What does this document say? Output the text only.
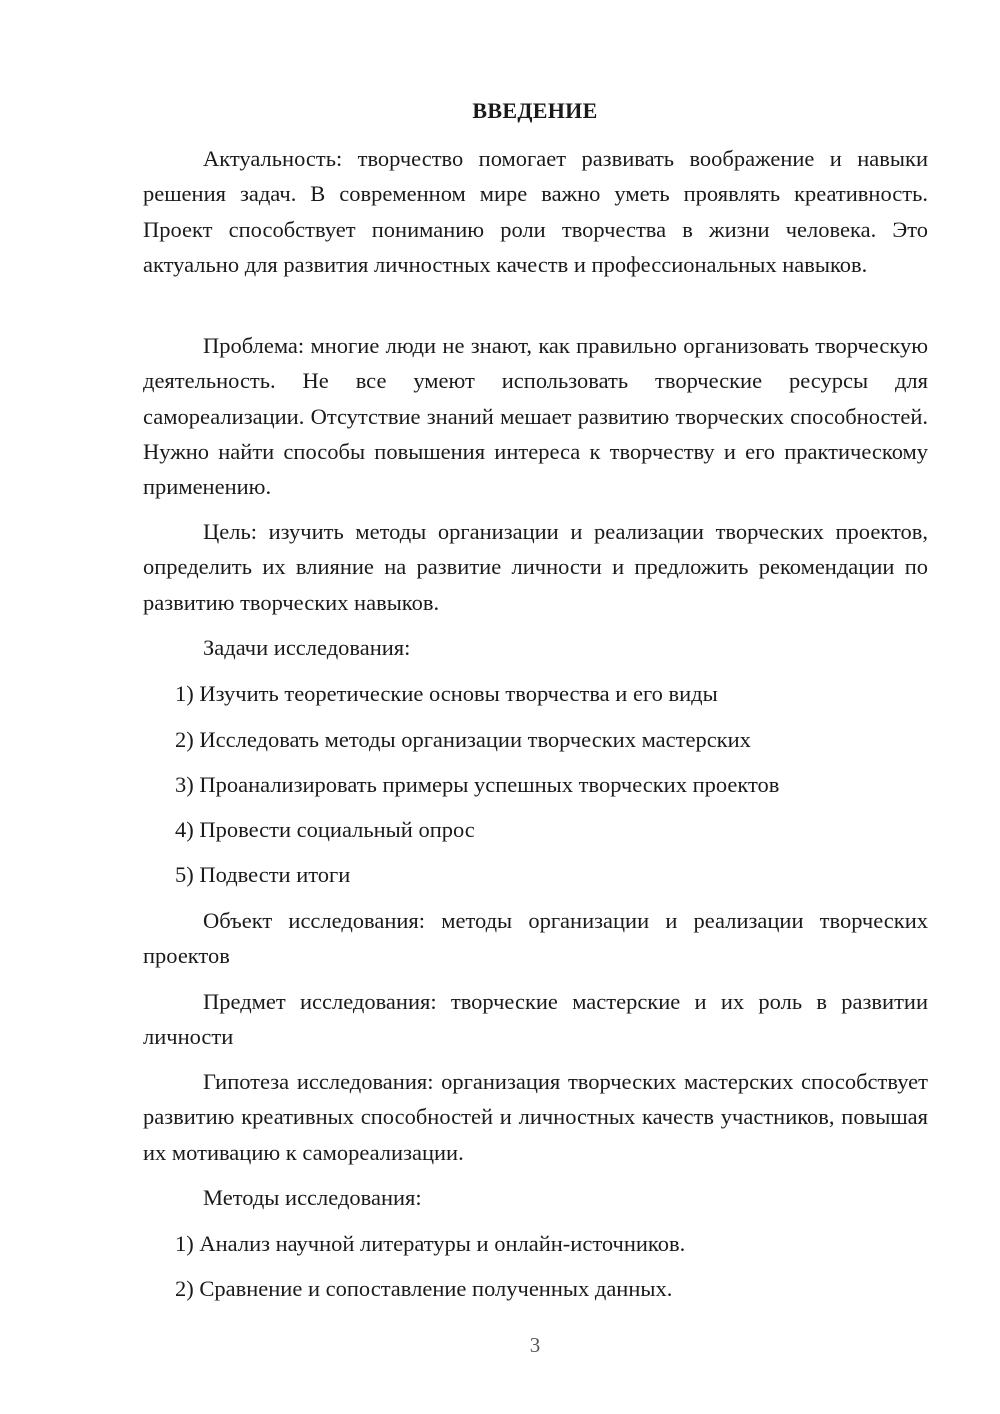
ВВЕДЕНИЕ

Актуальность: творчество помогает развивать воображение и навыки решения задач. В современном мире важно уметь проявлять креативность. Проект способствует пониманию роли творчества в жизни человека. Это актуально для развития личностных качеств и профессиональных навыков.

Проблема: многие люди не знают, как правильно организовать творческую деятельность. Не все умеют использовать творческие ресурсы для самореализации. Отсутствие знаний мешает развитию творческих способностей. Нужно найти способы повышения интереса к творчеству и его практическому применению.

Цель: изучить методы организации и реализации творческих проектов, определить их влияние на развитие личности и предложить рекомендации по развитию творческих навыков.

Задачи исследования:
1) Изучить теоретические основы творчества и его виды
2) Исследовать методы организации творческих мастерских
3) Проанализировать примеры успешных творческих проектов
4) Провести социальный опрос
5) Подвести итоги

Объект исследования: методы организации и реализации творческих проектов

Предмет исследования: творческие мастерские и их роль в развитии личности

Гипотеза исследования: организация творческих мастерских способствует развитию креативных способностей и личностных качеств участников, повышая их мотивацию к самореализации.

Методы исследования:
1) Анализ научной литературы и онлайн-источников.
2) Сравнение и сопоставление полученных данных.
3
